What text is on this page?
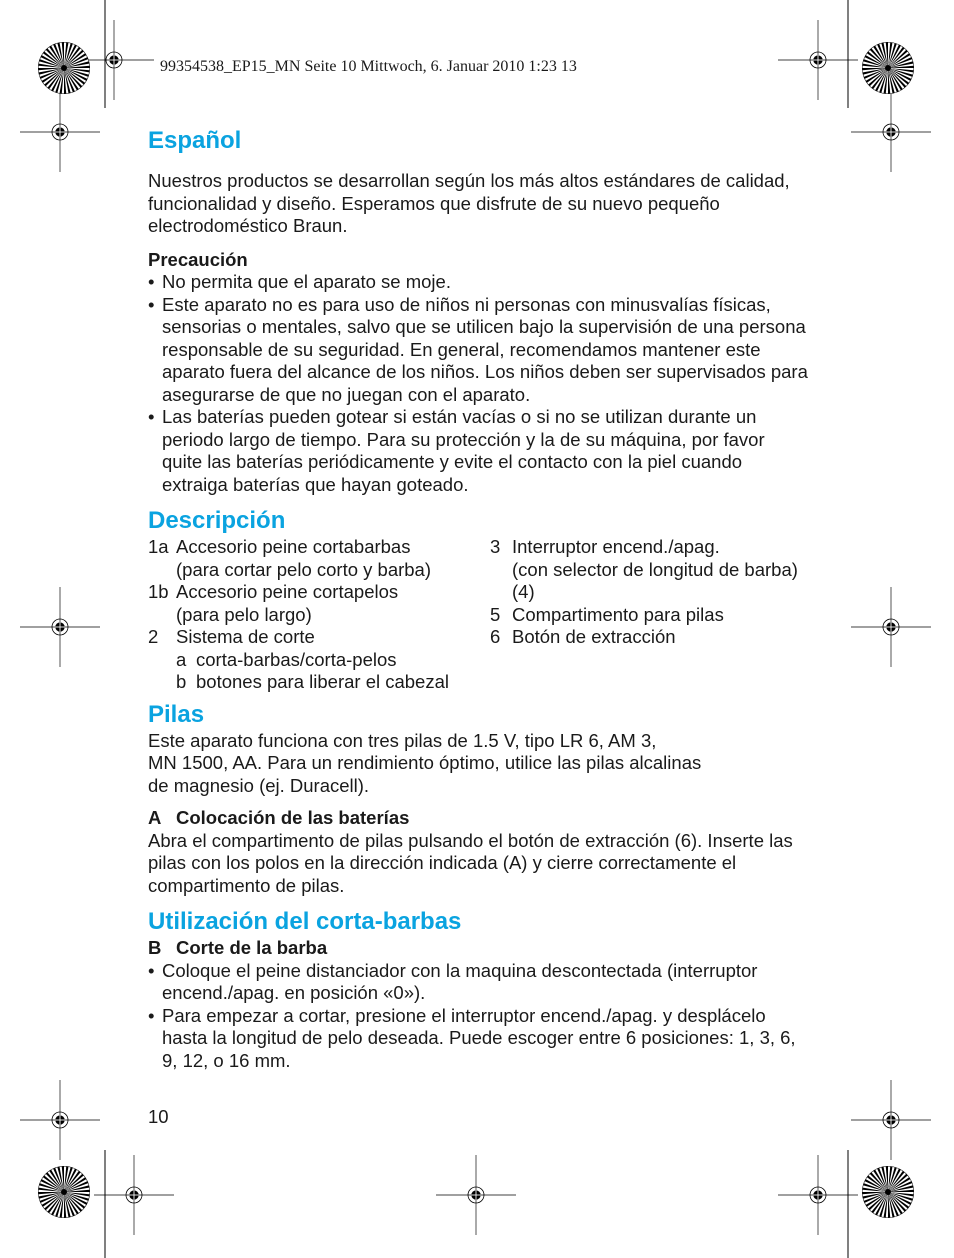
99354538_EP15_MN Seite 10 Mittwoch, 6. Januar 2010 1:23 13
Español

Nuestros productos se desarrollan según los más altos estándares de calidad, funcionalidad y diseño. Esperamos que disfrute de su nuevo pequeño electrodoméstico Braun.

Precaución

• No permita que el aparato se moje.
• Este aparato no es para uso de niños ni personas con minusvalías físicas, sensorias o mentales, salvo que se utilicen bajo la supervisión de una persona responsable de su seguridad. En general, recomendamos mantener este aparato fuera del alcance de los niños. Los niños deben ser supervisados para asegurarse de que no juegan con el aparato.
• Las baterías pueden gotear si están vacías o si no se utilizan durante un periodo largo de tiempo. Para su protección y la de su máquina, por favor quite las baterías periódicamente y evite el contacto con la piel cuando extraiga baterías que hayan goteado.
Descripción
1a Accesorio peine cortabarbas
(para cortar pelo corto y barba)
1b Accesorio peine cortapelos
(para pelo largo)
2 Sistema de corte
a corta-barbas/corta-pelos
b botones para liberar el cabezal
3 Interruptor encend./apag.
(con selector de longitud de barba) (4)
5 Compartimento para pilas
6 Botón de extracción
Pilas

Este aparato funciona con tres pilas de 1.5 V, tipo LR 6, AM 3,
MN 1500, AA. Para un rendimiento óptimo, utilice las pilas alcalinas
de magnesio (ej. Duracell).

A Colocación de las baterías

Abra el compartimento de pilas pulsando el botón de extracción (6). Inserte las pilas con los polos en la dirección indicada (A) y cierre correctamente el compartimento de pilas.

Utilización del corta-barbas

B Corte de la barba

• Coloque el peine distanciador con la maquina descontectada (interruptor encend./apag. en posición «0»).
• Para empezar a cortar, presione el interruptor encend./apag. y desplácelo hasta la longitud de pelo deseada. Puede escoger entre 6 posiciones: 1, 3, 6, 9, 12, o 16 mm.
10
